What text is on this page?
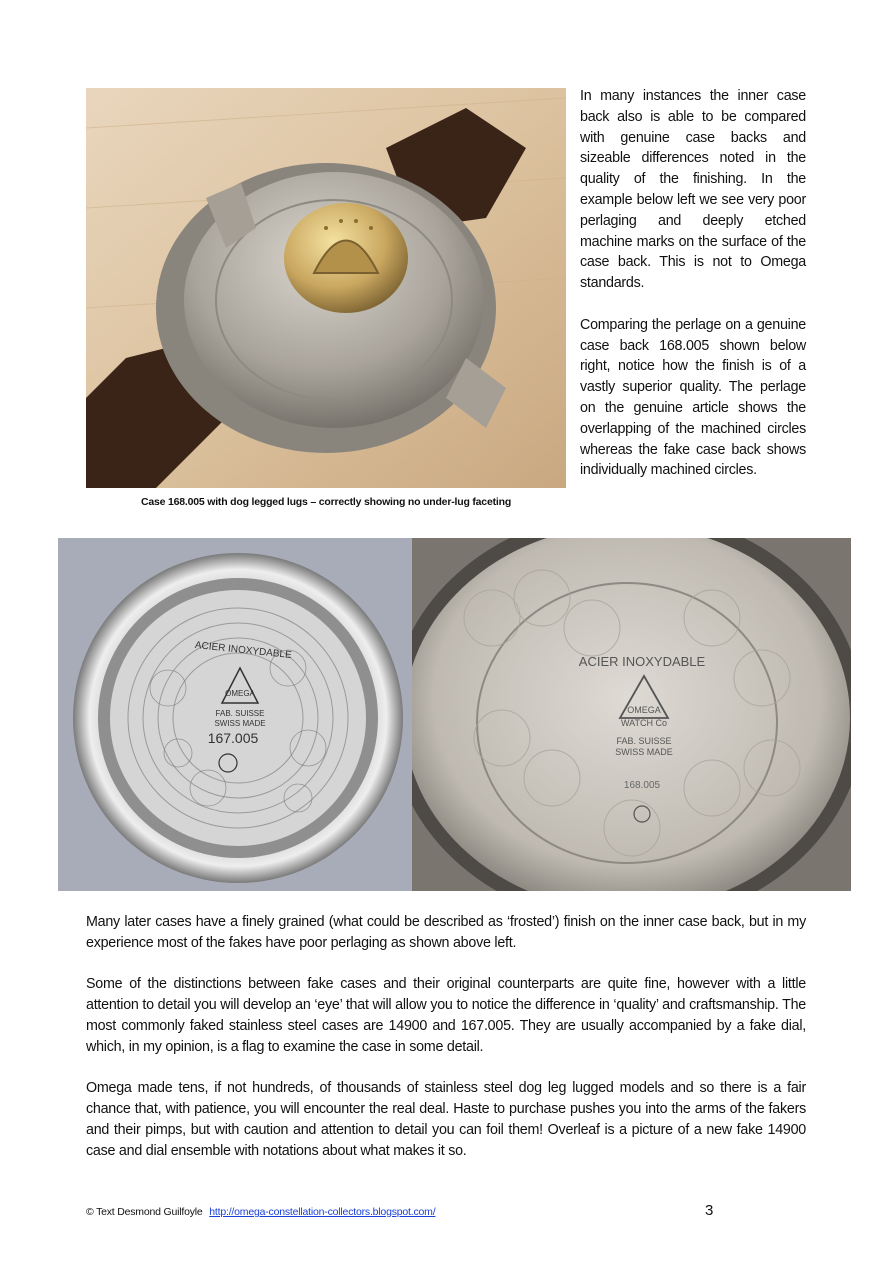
Case 168.005 with dog legged lugs – correctly showing no under-lug faceting

In many instances the inner case back also is able to be compared with genuine case backs and sizeable differences noted in the quality of the finishing. In the example below left we see very poor perlaging and deeply etched machine marks on the surface of the case back. This is not to Omega standards.

Comparing the perlage on a genuine case back 168.005 shown below right, notice how the finish is of a vastly superior quality. The perlage on the genuine article shows the overlapping of the machined circles whereas the fake case back shows individually machined circles.

ACIER INOXYDABLE
OMEGA
FAB. SUISSE
SWISS MADE
167.005
ACIER INOXYDABLE
OMEGA
WATCH Co
FAB. SUISSE
SWISS MADE
168.005

Many later cases have a finely grained (what could be described as ‘frosted’) finish on the inner case back, but in my experience most of the fakes have poor perlaging as shown above left.

Some of the distinctions between fake cases and their original counterparts are quite fine, however with a little attention to detail you will develop an ‘eye’ that will allow you to notice the difference in ‘quality’ and craftsmanship. The most commonly faked stainless steel cases are 14900 and 167.005. They are usually accompanied by a fake dial, which, in my opinion, is a flag to examine the case in some detail.

Omega made tens, if not hundreds, of thousands of stainless steel dog leg lugged models and so there is a fair chance that, with patience, you will encounter the real deal. Haste to purchase pushes you into the arms of the fakers and their pimps, but with caution and attention to detail you can foil them! Overleaf is a picture of a new fake 14900 case and dial ensemble with notations about what makes it so.

© Text Desmond Guilfoyle http://omega-constellation-collectors.blogspot.com/	3
